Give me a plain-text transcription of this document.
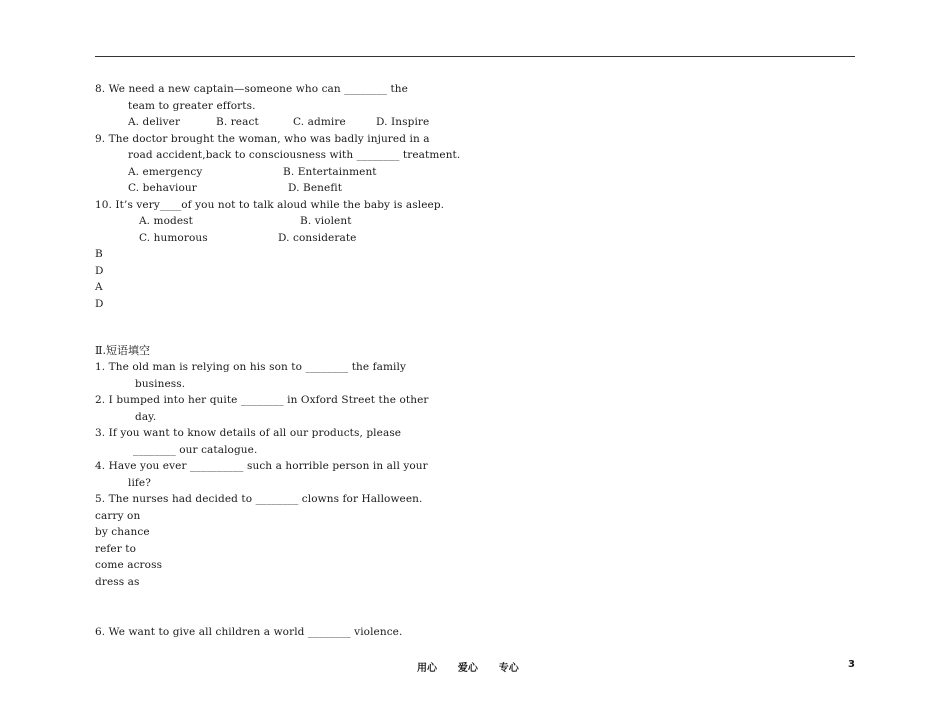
8. We need a new captain—someone who can ________ the
team to greater efforts.
A. deliver	B. react	C. admire	D. Inspire
9. The doctor brought the woman, who was badly injured in a
road accident,back to consciousness with ________ treatment.
A. emergency	B. Entertainment
C. behaviour	D. Benefit
10. It’s very____of you not to talk aloud while the baby is asleep.
A. modest	B. violent
C. humorous	D. considerate
B
D
A
D
Ⅱ.短语填空
1. The old man is relying on his son to ________ the family
business.
2. I bumped into her quite ________ in Oxford Street the other
day.
3. If you want to know details of all our products, please
________ our catalogue.
4. Have you ever __________ such a horrible person in all your
life?
5. The nurses had decided to ________ clowns for Halloween.
carry on
by chance
refer to
come across
dress as
6. We want to give all children a world ________ violence.
用心      爱心      专心	3
